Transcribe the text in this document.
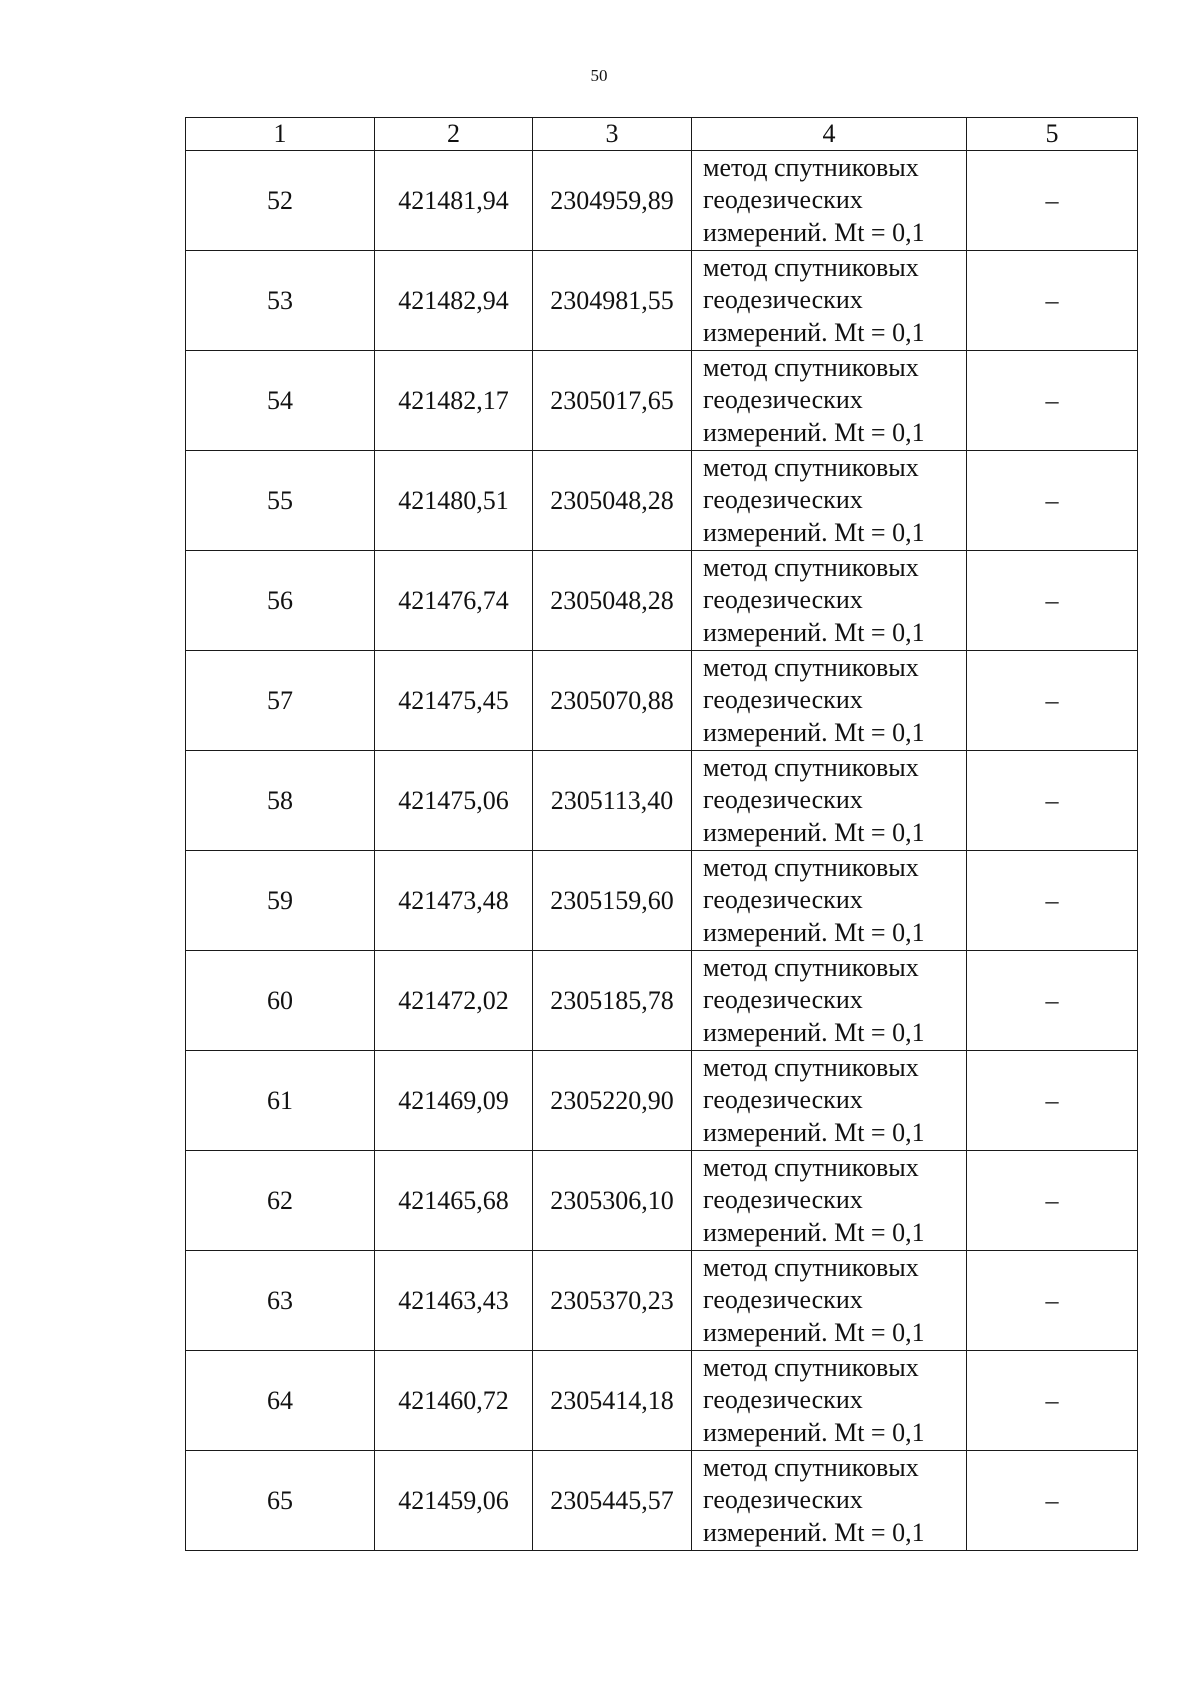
50
1	2	3	4	5
52	421481,94	2304959,89	метод спутниковых
геодезических
измерений. Mt = 0,1	–
53	421482,94	2304981,55	метод спутниковых
геодезических
измерений. Mt = 0,1	–
54	421482,17	2305017,65	метод спутниковых
геодезических
измерений. Mt = 0,1	–
55	421480,51	2305048,28	метод спутниковых
геодезических
измерений. Mt = 0,1	–
56	421476,74	2305048,28	метод спутниковых
геодезических
измерений. Mt = 0,1	–
57	421475,45	2305070,88	метод спутниковых
геодезических
измерений. Mt = 0,1	–
58	421475,06	2305113,40	метод спутниковых
геодезических
измерений. Mt = 0,1	–
59	421473,48	2305159,60	метод спутниковых
геодезических
измерений. Mt = 0,1	–
60	421472,02	2305185,78	метод спутниковых
геодезических
измерений. Mt = 0,1	–
61	421469,09	2305220,90	метод спутниковых
геодезических
измерений. Mt = 0,1	–
62	421465,68	2305306,10	метод спутниковых
геодезических
измерений. Mt = 0,1	–
63	421463,43	2305370,23	метод спутниковых
геодезических
измерений. Mt = 0,1	–
64	421460,72	2305414,18	метод спутниковых
геодезических
измерений. Mt = 0,1	–
65	421459,06	2305445,57	метод спутниковых
геодезических
измерений. Mt = 0,1	–
